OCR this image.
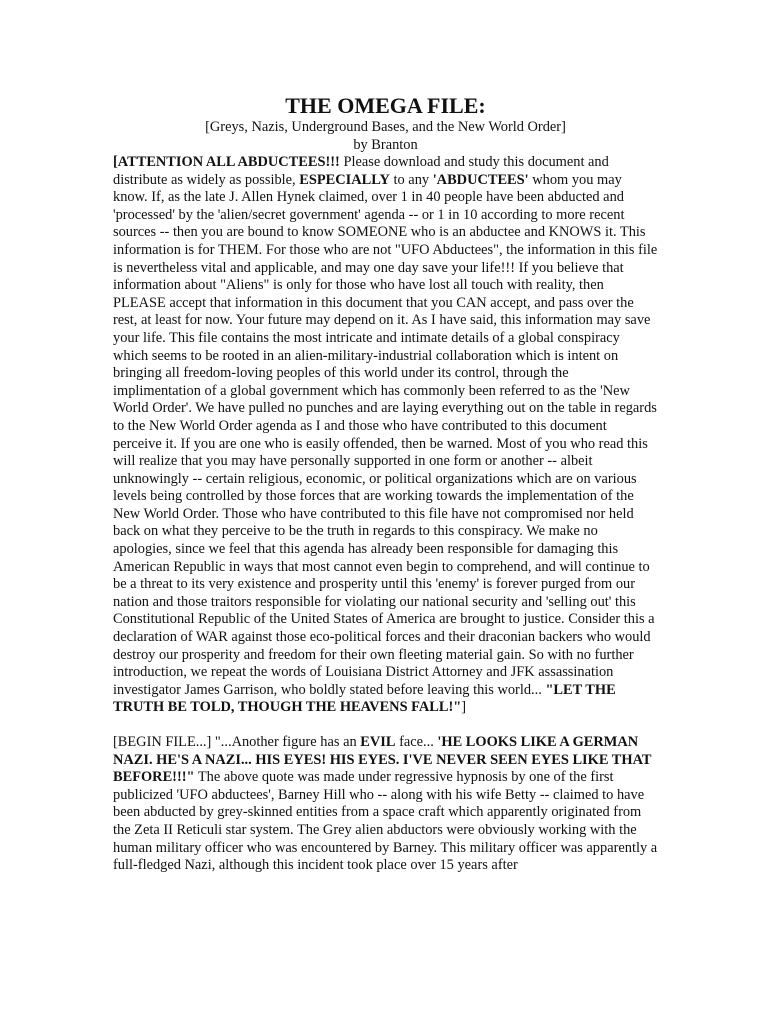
THE OMEGA FILE:

[Greys, Nazis, Underground Bases, and the New World Order]

by Branton

[ATTENTION ALL ABDUCTEES!!! Please download and study this document and distribute as widely as possible, ESPECIALLY to any 'ABDUCTEES' whom you may know. If, as the late J. Allen Hynek claimed, over 1 in 40 people have been abducted and 'processed' by the 'alien/secret government' agenda -- or 1 in 10 according to more recent sources -- then you are bound to know SOMEONE who is an abductee and KNOWS it. This information is for THEM. For those who are not "UFO Abductees", the information in this file is nevertheless vital and applicable, and may one day save your life!!! If you believe that information about "Aliens" is only for those who have lost all touch with reality, then PLEASE accept that information in this document that you CAN accept, and pass over the rest, at least for now. Your future may depend on it. As I have said, this information may save your life. This file contains the most intricate and intimate details of a global conspiracy which seems to be rooted in an alien-military-industrial collaboration which is intent on bringing all freedom-loving peoples of this world under its control, through the implimentation of a global government which has commonly been referred to as the 'New World Order'. We have pulled no punches and are laying everything out on the table in regards to the New World Order agenda as I and those who have contributed to this document perceive it. If you are one who is easily offended, then be warned. Most of you who read this will realize that you may have personally supported in one form or another -- albeit unknowingly -- certain religious, economic, or political organizations which are on various levels being controlled by those forces that are working towards the implementation of the New World Order. Those who have contributed to this file have not compromised nor held back on what they perceive to be the truth in regards to this conspiracy. We make no apologies, since we feel that this agenda has already been responsible for damaging this American Republic in ways that most cannot even begin to comprehend, and will continue to be a threat to its very existence and prosperity until this 'enemy' is forever purged from our nation and those traitors responsible for violating our national security and 'selling out' this Constitutional Republic of the United States of America are brought to justice. Consider this a declaration of WAR against those eco-political forces and their draconian backers who would destroy our prosperity and freedom for their own fleeting material gain. So with no further introduction, we repeat the words of Louisiana District Attorney and JFK assassination investigator James Garrison, who boldly stated before leaving this world... "LET THE TRUTH BE TOLD, THOUGH THE HEAVENS FALL!"]

[BEGIN FILE...] "...Another figure has an EVIL face... 'HE LOOKS LIKE A GERMAN NAZI. HE'S A NAZI... HIS EYES! HIS EYES. I'VE NEVER SEEN EYES LIKE THAT BEFORE!!!" The above quote was made under regressive hypnosis by one of the first publicized 'UFO abductees', Barney Hill who -- along with his wife Betty -- claimed to have been abducted by grey-skinned entities from a space craft which apparently originated from the Zeta II Reticuli star system. The Grey alien abductors were obviously working with the human military officer who was encountered by Barney. This military officer was apparently a full-fledged Nazi, although this incident took place over 15 years after
